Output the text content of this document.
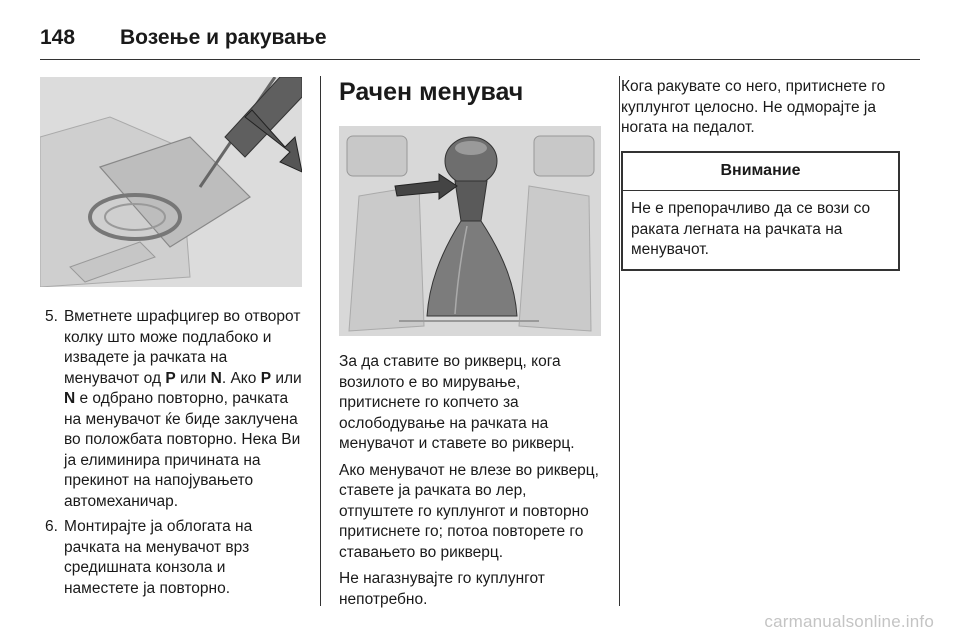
148	Возење и ракување
5. Вметнете шрафцигер во отворот колку што може подлабоко и извадете ја рачката на менувачот од P или N. Ако P или N е одбрано повторно, рачката на менувачот ќе биде заклучена во положбата повторно. Нека Ви ја елиминира причината на прекинот на напојувањето автомеханичар.
6. Монтирајте ја облогата на рачката на менувачот врз средишната конзола и наместете ја повторно.
Рачен менувач

За да ставите во рикверц, кога возилото е во мирување, притиснете го копчето за ослободување на рачката на менувачот и ставете во рикверц.

Ако менувачот не влезе во рикверц, ставете ја рачката во лер, отпуштете го куплунгот и повторно притиснете го; потоа повторете го ставањето во рикверц.

Не нагазнувајте го куплунгот непотребно.

Кога ракувате со него, притиснете го куплунгот целосно. Не одмораjте ја ногата на педалот.

Внимание
Не е препорачливо да се вози со раката легната на рачката на менувачот.
carmanualsonline.info
